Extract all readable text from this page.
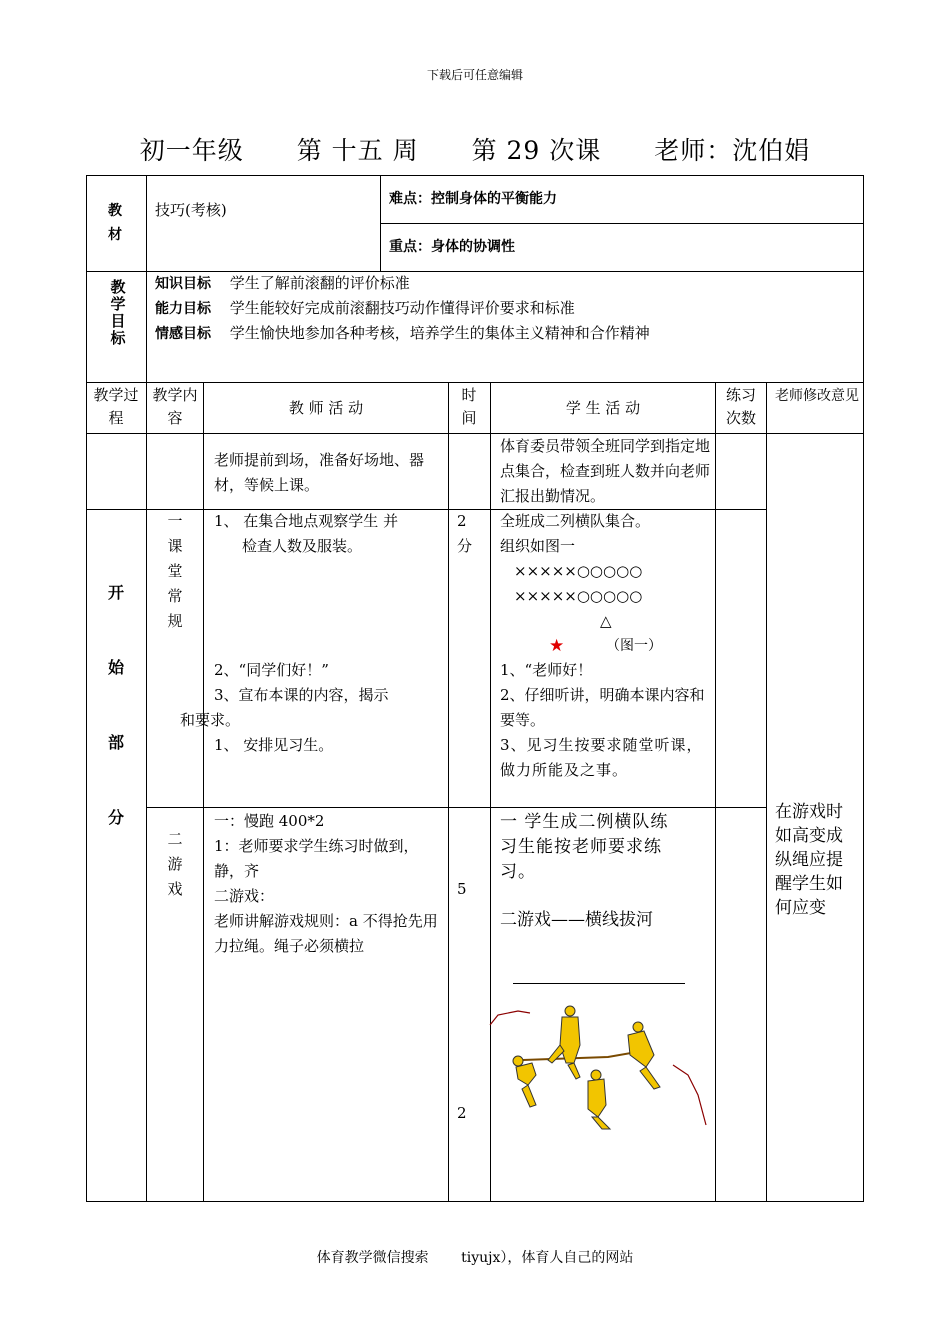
下载后可任意编辑
初一年级 第 十五 周 第 29 次课 老师：沈伯娟
教材
技巧(考核)
难点：控制身体的平衡能力
重点：身体的协调性
教学目标
知识目标 学生了解前滚翻的评价标准
能力目标 学生能较好完成前滚翻技巧动作懂得评价要求和标准
情感目标 学生愉快地参加各种考核，培养学生的集体主义精神和合作精神
教学过程
教学内容
教 师 活 动
时间
学 生 活 动
练习次数
老师修改意见
老师提前到场，准备好场地、器材，等候上课。
体育委员带领全班同学到指定地点集合，检查到班人数并向老师汇报出勤情况。
开始部分
一课堂常规
1、 在集合地点观察学生 并
检查人数及服装。
2、“同学们好！”
3、宣布本课的内容，揭示
和要求。
1、 安排见习生。
2分
全班成二列横队集合。
组织如图一
×××××○○○○○
×××××○○○○○
△
★	（图一）
1、“老师好！
2、仔细听讲，明确本课内容和要等。
3、见习生按要求随堂听课，做力所能及之事。
二游戏
一：慢跑 400*2
1：老师要求学生练习时做到，静，齐
二游戏：
老师讲解游戏规则：a 不得抢先用力拉绳。绳子必须横拉
5
2
一 学生成二例横队练习生能按老师要求练习。
二游戏——横线拔河
在游戏时如高变成纵绳应提醒学生如何应变
体育教学微信搜索 tiyujx），体育人自己的网站
